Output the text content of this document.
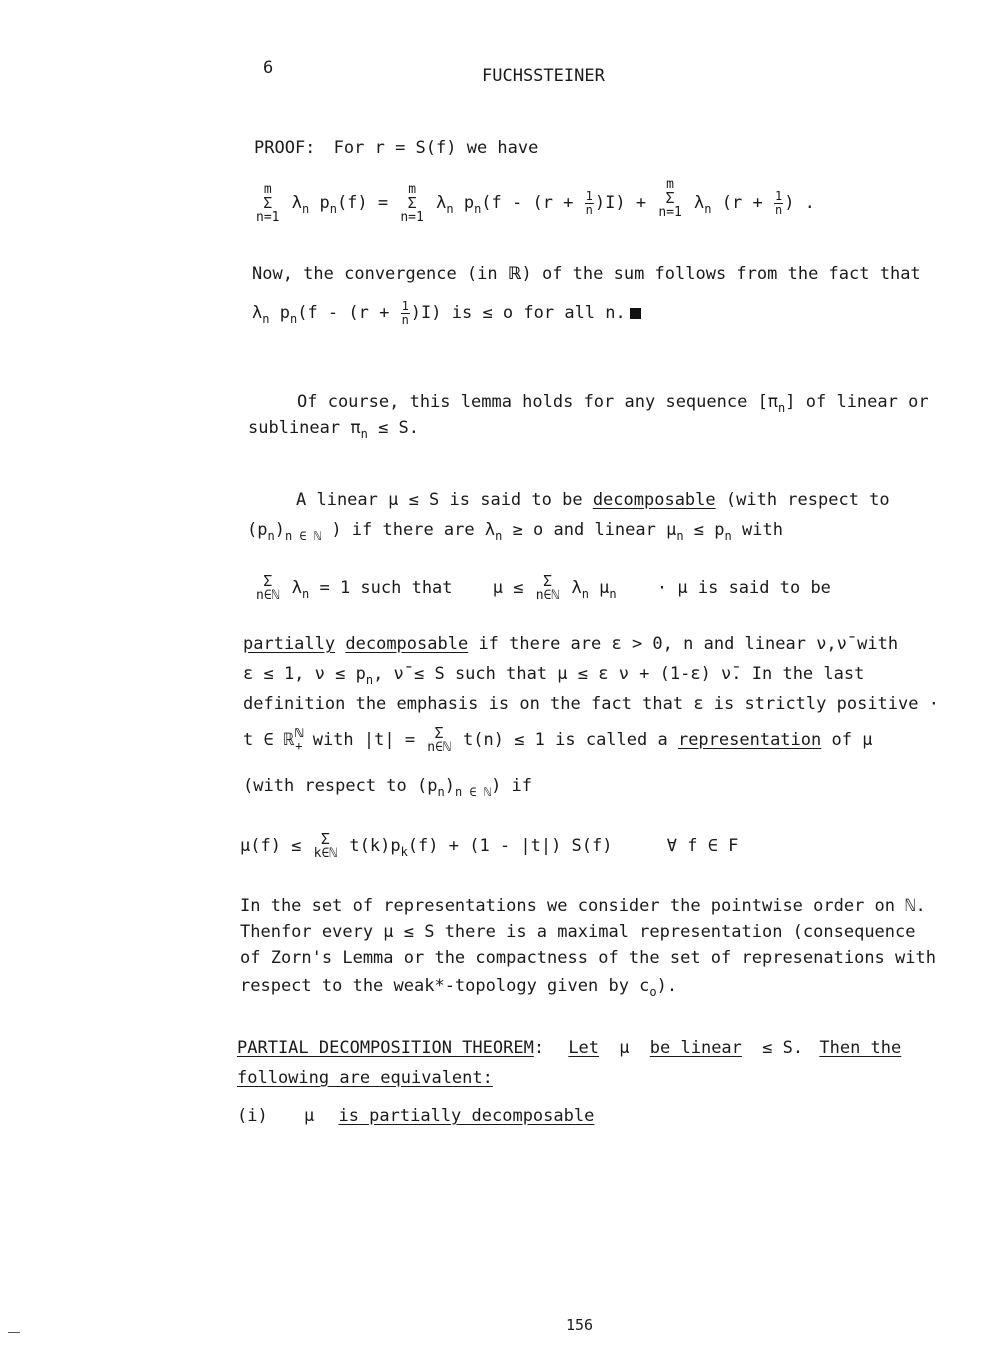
6	FUCHSSTEINER
PROOF: For r = S(f) we have
m
Σ
n=1
$\lambda_n$ $p_n(f)$ =
m
Σ
n=1
$\lambda_n$ $p_n(f - (r + \frac{1}{n} )I)$ +
m
Σ
n=1 $\lambda_n$ ($r + \frac{1}{n}$ ) .
Now, the convergence (in ℝ) of the sum follows from the fact that
$\lambda_n$ $p_n(f - (r + \frac{1}{n} )I)$ is ≤ o for all n.
Of course, this lemma holds for any sequence $[\pi_n]$ of linear or
sublinear $\pi_n \le S$.
A linear μ ≤ S is said to be decomposable (with respect to
$(p_n)_{n \in ℕ}$ ) if there are $\lambda_n \ge o$ and linear $\mu_n \le p_n$ with
Σ
n∈ℕ $\lambda_n = 1$ such that μ ≤ Σ
n∈ℕ $\lambda_n$ $\mu_n \cdot \mu$ is said to be
partially decomposable if there are ε > 0, n and linear ν,ν̄ with
ε ≤ 1, $\nu \le p_n$, ν̄ ≤ S such that μ ≤ ε ν + (1-ε) ν̄. In the last
definition the emphasis is on the fact that ε is strictly positive ·
t ∈ ℝ$^ℕ_+$ with |t| = Σ
n∈ℕ t(n) ≤ 1 is called a representation of μ
(with respect to $(p_n)_{n \in ℕ}$) if
μ(f) ≤ Σ
k∈ℕ $t(k)p_k(f) + (1 - |t|)$ S(f)	∀ f ∈ F
In the set of representations we consider the pointwise order on ℕ.
Thenfor every μ ≤ S there is a maximal representation (consequence
of Zorn's Lemma or the compactness of the set of represenations with
respect to the weak*-topology given by $c_o$).
PARTIAL DECOMPOSITION THEOREM: Let μ be linear ≤ S. Then the
following are equivalent:
(i) μ is partially decomposable
156
